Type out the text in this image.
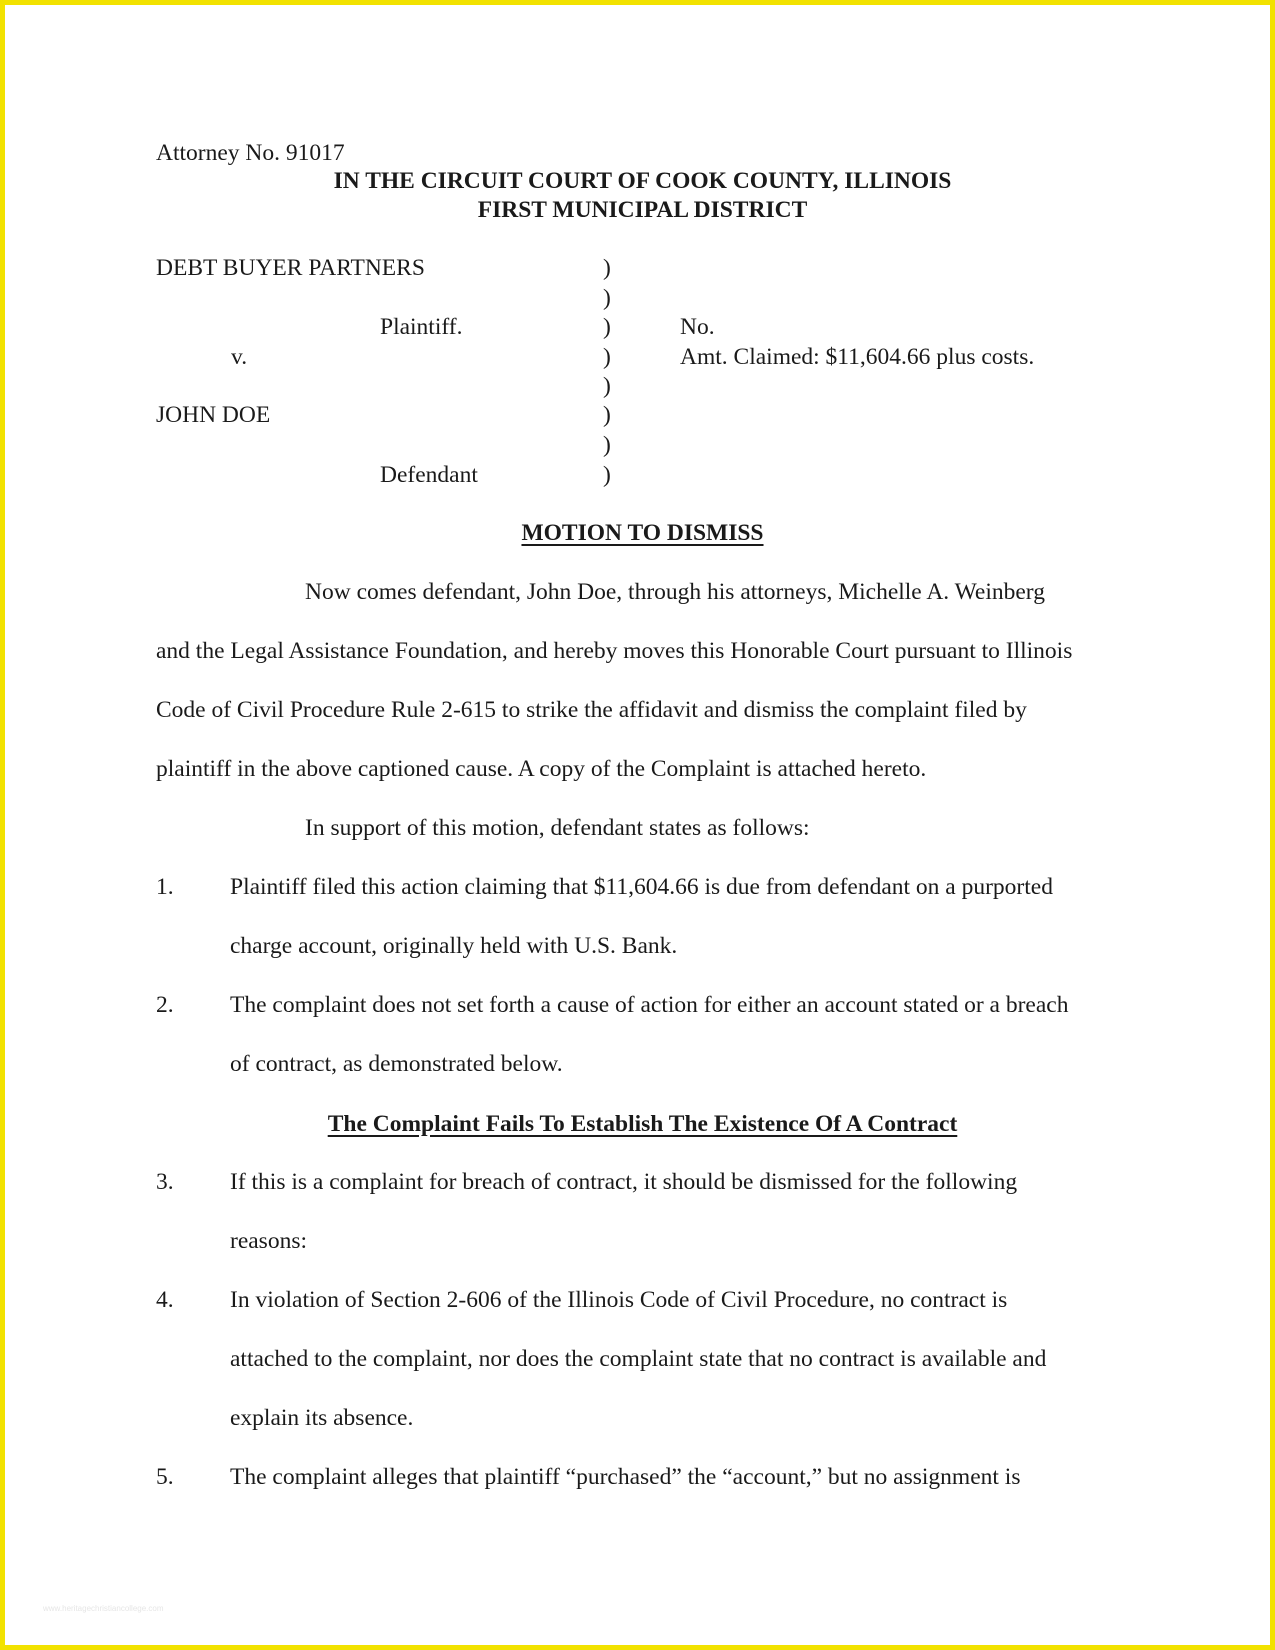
Attorney No. 91017
IN THE CIRCUIT COURT OF COOK COUNTY, ILLINOIS
FIRST MUNICIPAL DISTRICT
DEBT BUYER PARTNERS
Plaintiff.
v.
JOHN DOE
Defendant
)
)
)
)
)
)
)
)
No.
Amt. Claimed: $11,604.66 plus costs.
MOTION TO DISMISS
Now comes defendant, John Doe, through his attorneys, Michelle A. Weinberg
and the Legal Assistance Foundation, and hereby moves this Honorable Court pursuant to Illinois
Code of Civil Procedure Rule 2-615 to strike the affidavit and dismiss the complaint filed by
plaintiff in the above captioned cause. A copy of the Complaint is attached hereto.
In support of this motion, defendant states as follows:
1. Plaintiff filed this action claiming that $11,604.66 is due from defendant on a purported
charge account, originally held with U.S. Bank.
2. The complaint does not set forth a cause of action for either an account stated or a breach
of contract, as demonstrated below.
The Complaint Fails To Establish The Existence Of A Contract
3. If this is a complaint for breach of contract, it should be dismissed for the following
reasons:
4. In violation of Section 2-606 of the Illinois Code of Civil Procedure, no contract is
attached to the complaint, nor does the complaint state that no contract is available and
explain its absence.
5. The complaint alleges that plaintiff “purchased” the “account,” but no assignment is
www.heritagechristiancollege.com
